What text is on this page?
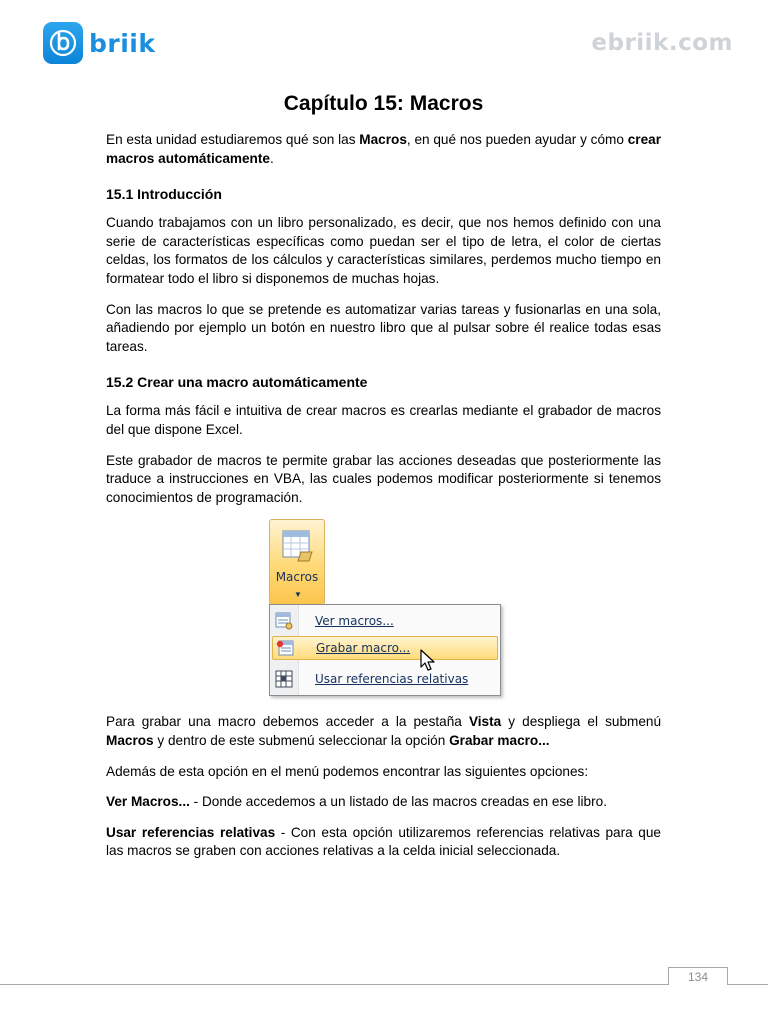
briik	ebriik.com
Capítulo 15: Macros

En esta unidad estudiaremos qué son las Macros, en qué nos pueden ayudar y cómo crear macros automáticamente.

15.1 Introducción

Cuando trabajamos con un libro personalizado, es decir, que nos hemos definido con una serie de características específicas como puedan ser el tipo de letra, el color de ciertas celdas, los formatos de los cálculos y características similares, perdemos mucho tiempo en formatear todo el libro si disponemos de muchas hojas.

Con las macros lo que se pretende es automatizar varias tareas y fusionarlas en una sola, añadiendo por ejemplo un botón en nuestro libro que al pulsar sobre él realice todas esas tareas.

15.2 Crear una macro automáticamente

La forma más fácil e intuitiva de crear macros es crearlas mediante el grabador de macros del que dispone Excel.

Este grabador de macros te permite grabar las acciones deseadas que posteriormente las traduce a instrucciones en VBA, las cuales podemos modificar posteriormente si tenemos conocimientos de programación.

Macros
▼
Ver macros...
Grabar macro...
Usar referencias relativas

Para grabar una macro debemos acceder a la pestaña Vista y despliega el submenú Macros y dentro de este submenú seleccionar la opción Grabar macro...

Además de esta opción en el menú podemos encontrar las siguientes opciones:

Ver Macros... - Donde accedemos a un listado de las macros creadas en ese libro.

Usar referencias relativas - Con esta opción utilizaremos referencias relativas para que las macros se graben con acciones relativas a la celda inicial seleccionada.

134
